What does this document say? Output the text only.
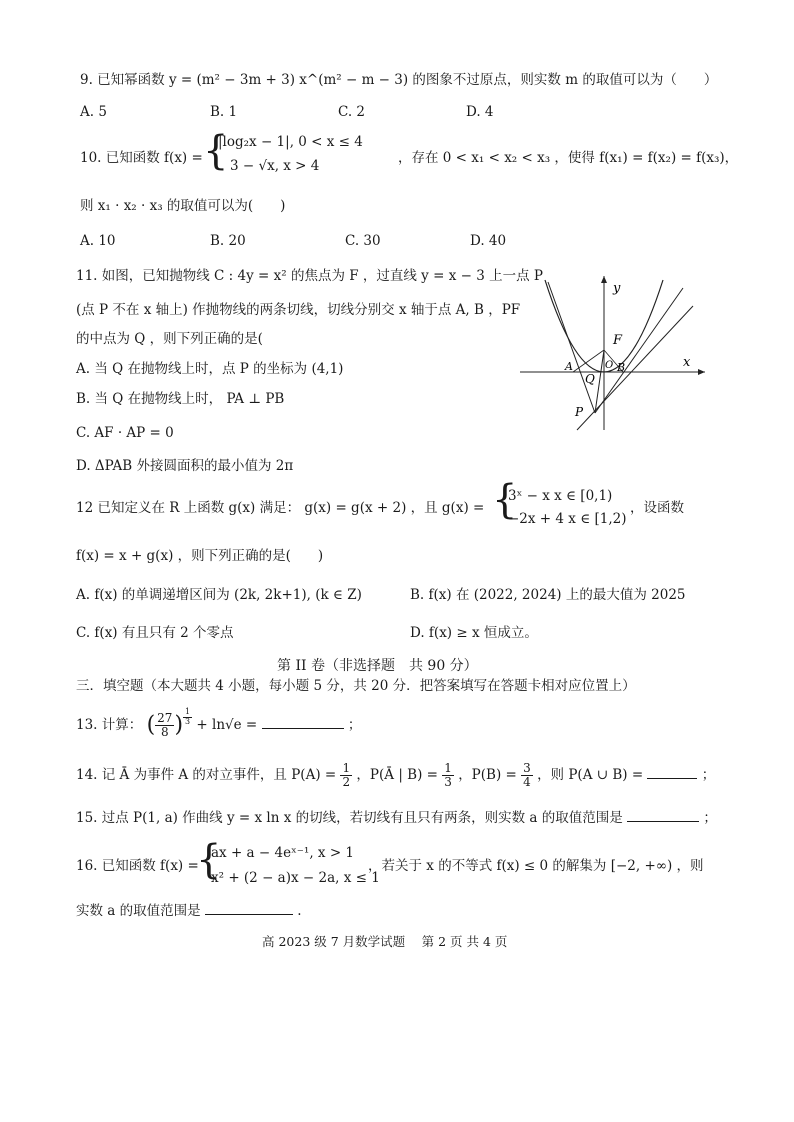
9. 已知幂函数 y = (m² − 3m + 3) x^(m² − m − 3) 的图象不过原点，则实数 m 的取值可以为（　　）
A. 5	B. 1	C. 2	D. 4
10. 已知函数 f(x) = {
|log₂x − 1|, 0 < x ≤ 4
3 − √x, x > 4	，存在 0 < x₁ < x₂ < x₃ ，使得 f(x₁) = f(x₂) = f(x₃)，
则 x₁ · x₂ · x₃ 的取值可以为(　　)
A. 10	B. 20	C. 30	D. 40
11. 如图，已知抛物线 C : 4y = x² 的焦点为 F ，过直线 y = x − 3 上一点 P
(点 P 不在 x 轴上) 作抛物线的两条切线，切线分别交 x 轴于点 A, B ，PF
的中点为 Q ，则下列正确的是(
A. 当 Q 在抛物线上时，点 P 的坐标为 (4,1)
B. 当 Q 在抛物线上时， PA ⊥ PB
C. AF · AP = 0
D. ΔPAB 外接圆面积的最小值为 2π
y
x
F
A	O B
Q
P
12 已知定义在 R 上函数 g(x) 满足： g(x) = g(x + 2) ，且 g(x) = {
3ˣ − x x ∈ [0,1)
−2x + 4 x ∈ [1,2)
，设函数
f(x) = x + g(x) ，则下列正确的是(　　)
A. f(x) 的单调递增区间为 (2k, 2k+1), (k ∈ Z)	B. f(x) 在 (2022, 2024) 上的最大值为 2025
C. f(x) 有且只有 2 个零点	D. f(x) ≥ x 恒成立。
第 II 卷（非选择题　共 90 分）
三．填空题（本大题共 4 小题，每小题 5 分，共 20 分．把答案填写在答题卡相对应位置上）
13. 计算： ( $\frac{27}{8}$ ) $\frac{1}{3} + \ln√e$ =	；
14. 记 Ā 为事件 A 的对立事件，且 $P(A) = \frac{1}{2}$ ，P(Ā | $B) = \frac{1}{3}$ ，$P(B) = \frac{3}{4}$ ，则 P(A ∪ B) =	；
15. 过点 P(1, a) 作曲线 y = x ln x 的切线，若切线有且只有两条，则实数 a 的取值范围是	；
16. 已知函数 f(x) =
{
ax + a − 4eˣ⁻¹, x > 1
x² + (2 − a)x − 2a, x ≤ 1
，若关于 x 的不等式 f(x) ≤ 0 的解集为 [−2, +∞) ，则
实数 a 的取值范围是	.
高 2023 级 7 月数学试题　 第 2 页 共 4 页
